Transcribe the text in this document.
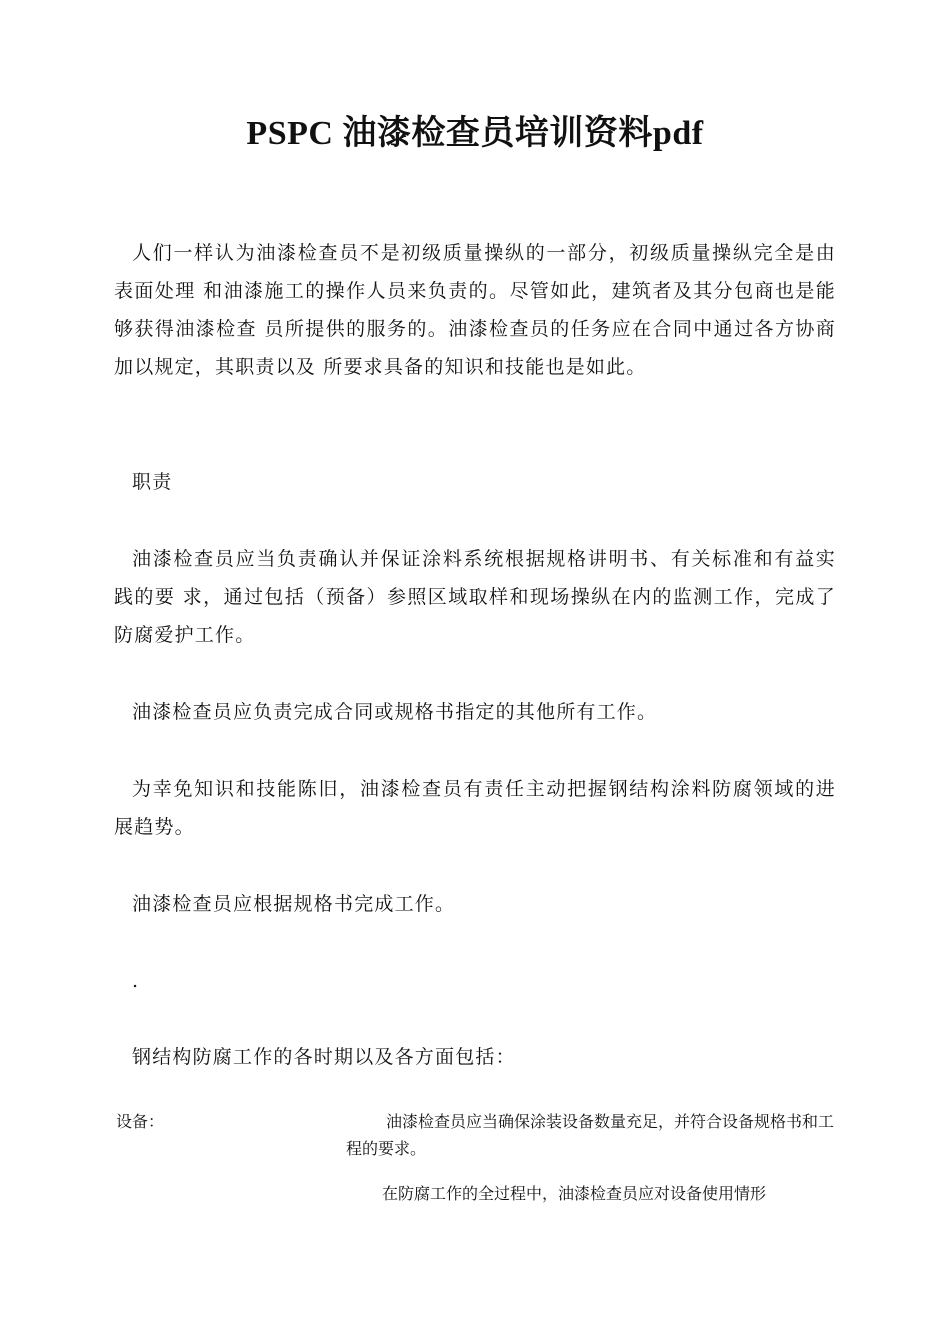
PSPC 油漆检查员培训资料pdf
人们一样认为油漆检查员不是初级质量操纵的一部分，初级质量操纵完全是由表面处理 和油漆施工的操作人员来负责的。尽管如此，建筑者及其分包商也是能够获得油漆检查 员所提供的服务的。油漆检查员的任务应在合同中通过各方协商加以规定，其职责以及 所要求具备的知识和技能也是如此。
职责
油漆检查员应当负责确认并保证涂料系统根据规格讲明书、有关标准和有益实践的要 求，通过包括（预备）参照区域取样和现场操纵在内的监测工作，完成了防腐爱护工作。
油漆检查员应负责完成合同或规格书指定的其他所有工作。
为幸免知识和技能陈旧，油漆检查员有责任主动把握钢结构涂料防腐领域的进展趋势。
油漆检查员应根据规格书完成工作。
.
钢结构防腐工作的各时期以及各方面包括：
设备：	油漆检查员应当确保涂装设备数量充足，并符合设备规格书和工程的要求。
在防腐工作的全过程中，油漆检查员应对设备使用情形
